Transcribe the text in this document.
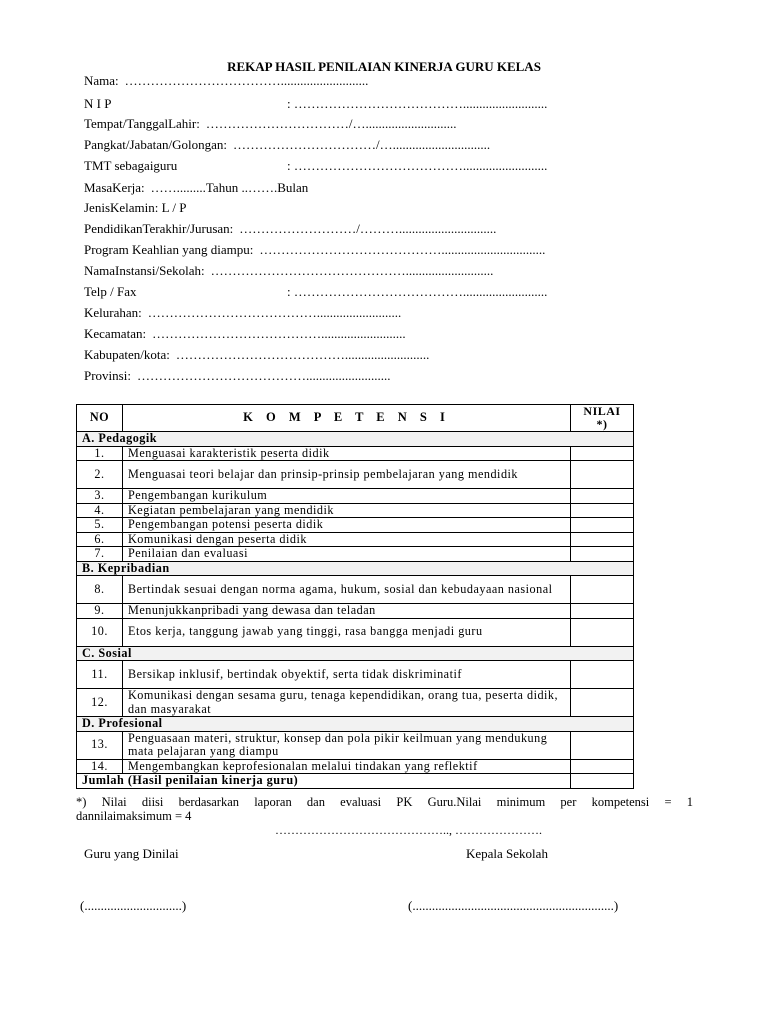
REKAP HASIL PENILAIAN KINERJA GURU KELAS
Nama: ………………………………...........................
N I P	: …………………………………..........................
Tempat/TanggalLahir: ……………………………/…............................
Pangkat/Jabatan/Golongan: ……………………………/…..............................
TMT sebagaiguru	: …………………………………..........................
MasaKerja: …….........Tahun ..…….Bulan
JenisKelamin: L / P
PendidikanTerakhir/Jurusan: ………………………/………..............................
Program Keahlian yang diampu: ……………………………………................................
NamaInstansi/Sekolah: ………………………………………...........................
Telp / Fax	: …………………………………..........................
Kelurahan: …………………………………..........................
Kecamatan: …………………………………..........................
Kabupaten/kota: …………………………………..........................
Provinsi: …………………………………..........................
NO	K O M P E T E N S I	NILAI
*)
A. Pedagogik		
1.	Menguasai karakteristik peserta didik	
2.	Menguasai teori belajar dan prinsip-prinsip pembelajaran yang mendidik	
3.	Pengembangan kurikulum	
4.	Kegiatan pembelajaran yang mendidik	
5.	Pengembangan potensi peserta didik	
6.	Komunikasi dengan peserta didik	
7.	Penilaian dan evaluasi	
B. Kepribadian		
8.	Bertindak sesuai dengan norma agama, hukum, sosial dan kebudayaan nasional	
9.	Menunjukkanpribadi yang dewasa dan teladan	
10.	Etos kerja, tanggung jawab yang tinggi, rasa bangga menjadi guru	
C. Sosial		
11.	Bersikap inklusif, bertindak obyektif, serta tidak diskriminatif	
12.	Komunikasi dengan sesama guru, tenaga kependidikan, orang tua, peserta didik, dan masyarakat	
D. Profesional		
13.	Penguasaan materi, struktur, konsep dan pola pikir keilmuan yang mendukung mata pelajaran yang diampu	
14.	Mengembangkan keprofesionalan melalui tindakan yang reflektif	
Jumlah (Hasil penilaian kinerja guru)		
*) Nilai diisi berdasarkan laporan dan evaluasi PK Guru.Nilai minimum per kompetensi = 1
dannilaimaksimum = 4
…………………………………….., ………………….
Guru yang Dinilai	Kepala Sekolah
(..............................)	(..............................................................)
